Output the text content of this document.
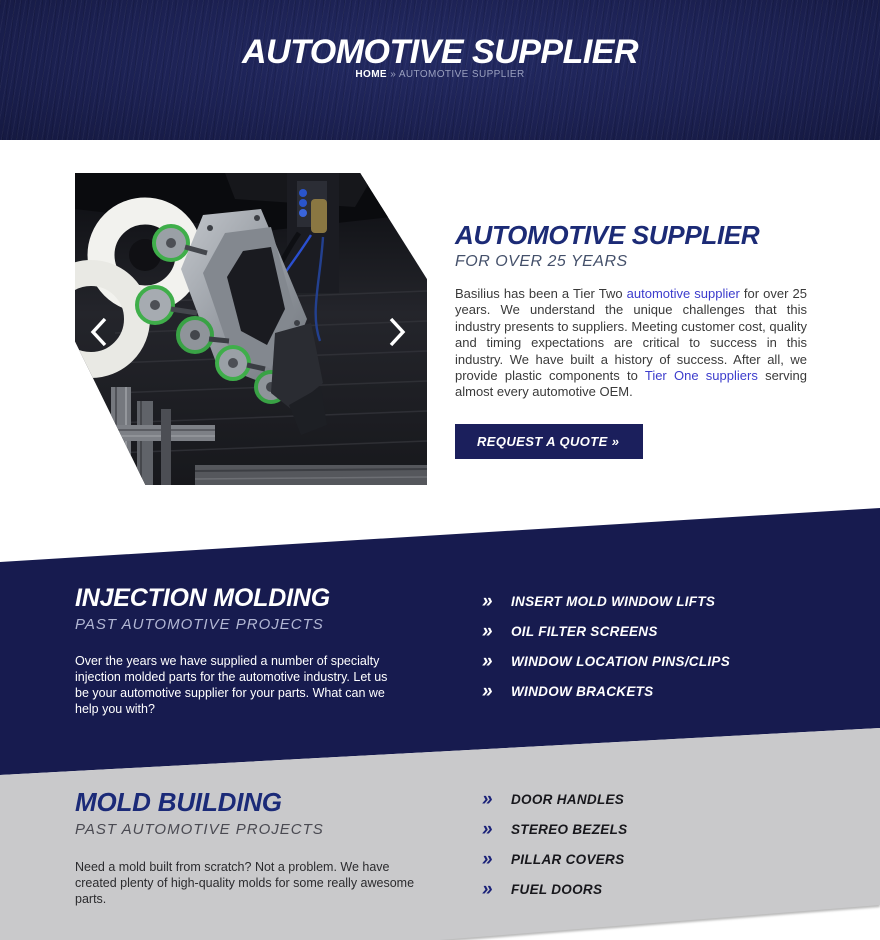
AUTOMOTIVE SUPPLIER
HOME » AUTOMOTIVE SUPPLIER
AUTOMOTIVE SUPPLIER
FOR OVER 25 YEARS

Basilius has been a Tier Two automotive supplier for over 25 years. We understand the unique challenges that this industry presents to suppliers. Meeting customer cost, quality and timing expectations are critical to success in this industry. We have built a history of success. After all, we provide plastic components to Tier One suppliers serving almost every automotive OEM.

REQUEST A QUOTE »
INJECTION MOLDING
PAST AUTOMOTIVE PROJECTS

Over the years we have supplied a number of specialty injection molded parts for the automotive industry. Let us be your automotive supplier for your parts. What can we help you with?

»	INSERT MOLD WINDOW LIFTS
»	OIL FILTER SCREENS
»	WINDOW LOCATION PINS/CLIPS
»	WINDOW BRACKETS
MOLD BUILDING
PAST AUTOMOTIVE PROJECTS

Need a mold built from scratch? Not a problem. We have created plenty of high-quality molds for some really awesome parts.

»	DOOR HANDLES
»	STEREO BEZELS
»	PILLAR COVERS
»	FUEL DOORS
